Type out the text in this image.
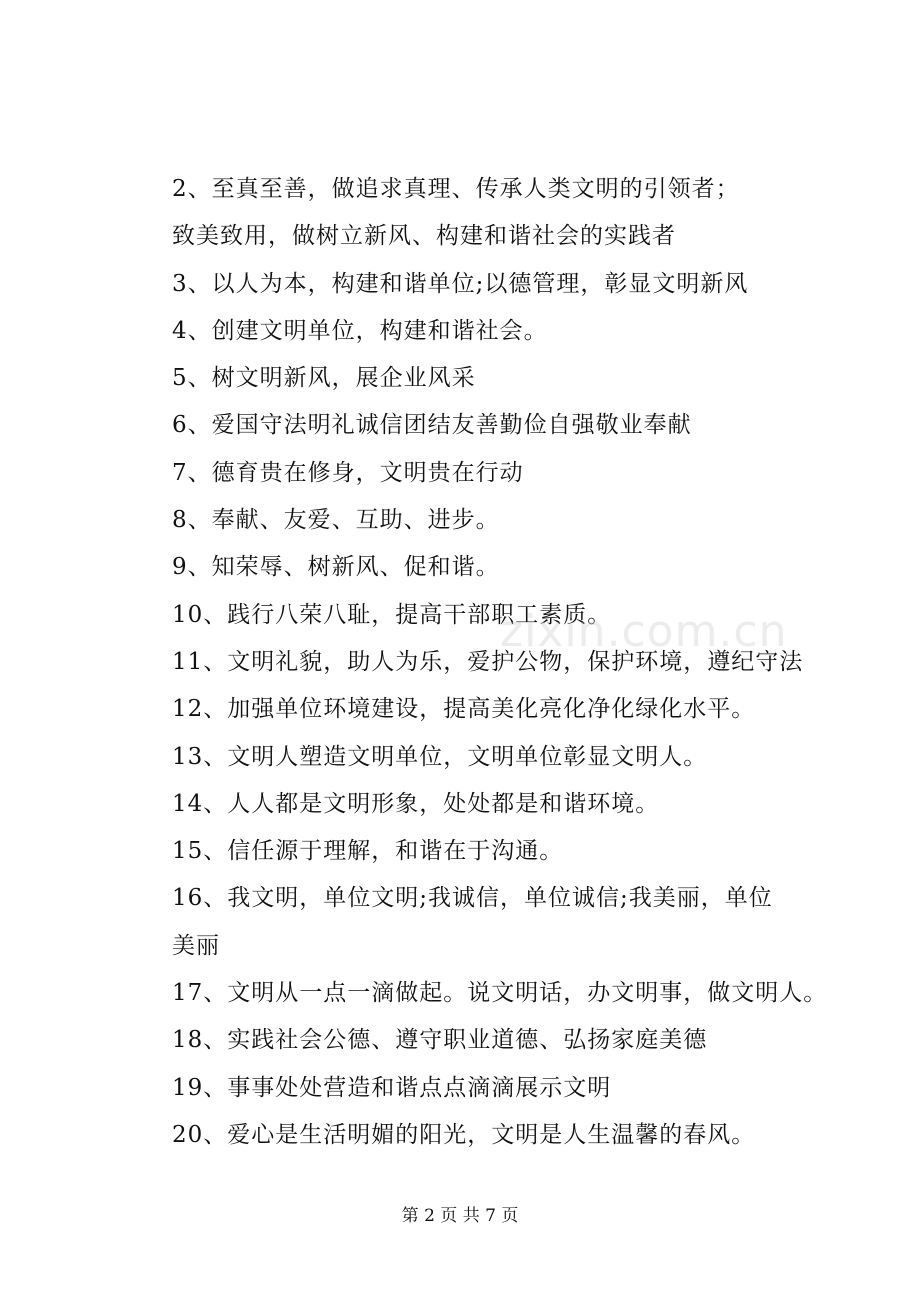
2、至真至善，做追求真理、传承人类文明的引领者；
致美致用，做树立新风、构建和谐社会的实践者
3、以人为本，构建和谐单位;以德管理，彰显文明新风
4、创建文明单位，构建和谐社会。
5、树文明新风，展企业风采
6、爱国守法明礼诚信团结友善勤俭自强敬业奉献
7、德育贵在修身，文明贵在行动
8、奉献、友爱、互助、进步。
9、知荣辱、树新风、促和谐。
10、践行八荣八耻，提高干部职工素质。
11、文明礼貌，助人为乐，爱护公物，保护环境，遵纪守法
12、加强单位环境建设，提高美化亮化净化绿化水平。
13、文明人塑造文明单位，文明单位彰显文明人。
14、人人都是文明形象，处处都是和谐环境。
15、信任源于理解，和谐在于沟通。
16、我文明，单位文明;我诚信，单位诚信;我美丽，单位
美丽
17、文明从一点一滴做起。说文明话，办文明事，做文明人。
18、实践社会公德、遵守职业道德、弘扬家庭美德
19、事事处处营造和谐点点滴滴展示文明
20、爱心是生活明媚的阳光，文明是人生温馨的春风。
zixin.com.cn
第 2 页 共 7 页
